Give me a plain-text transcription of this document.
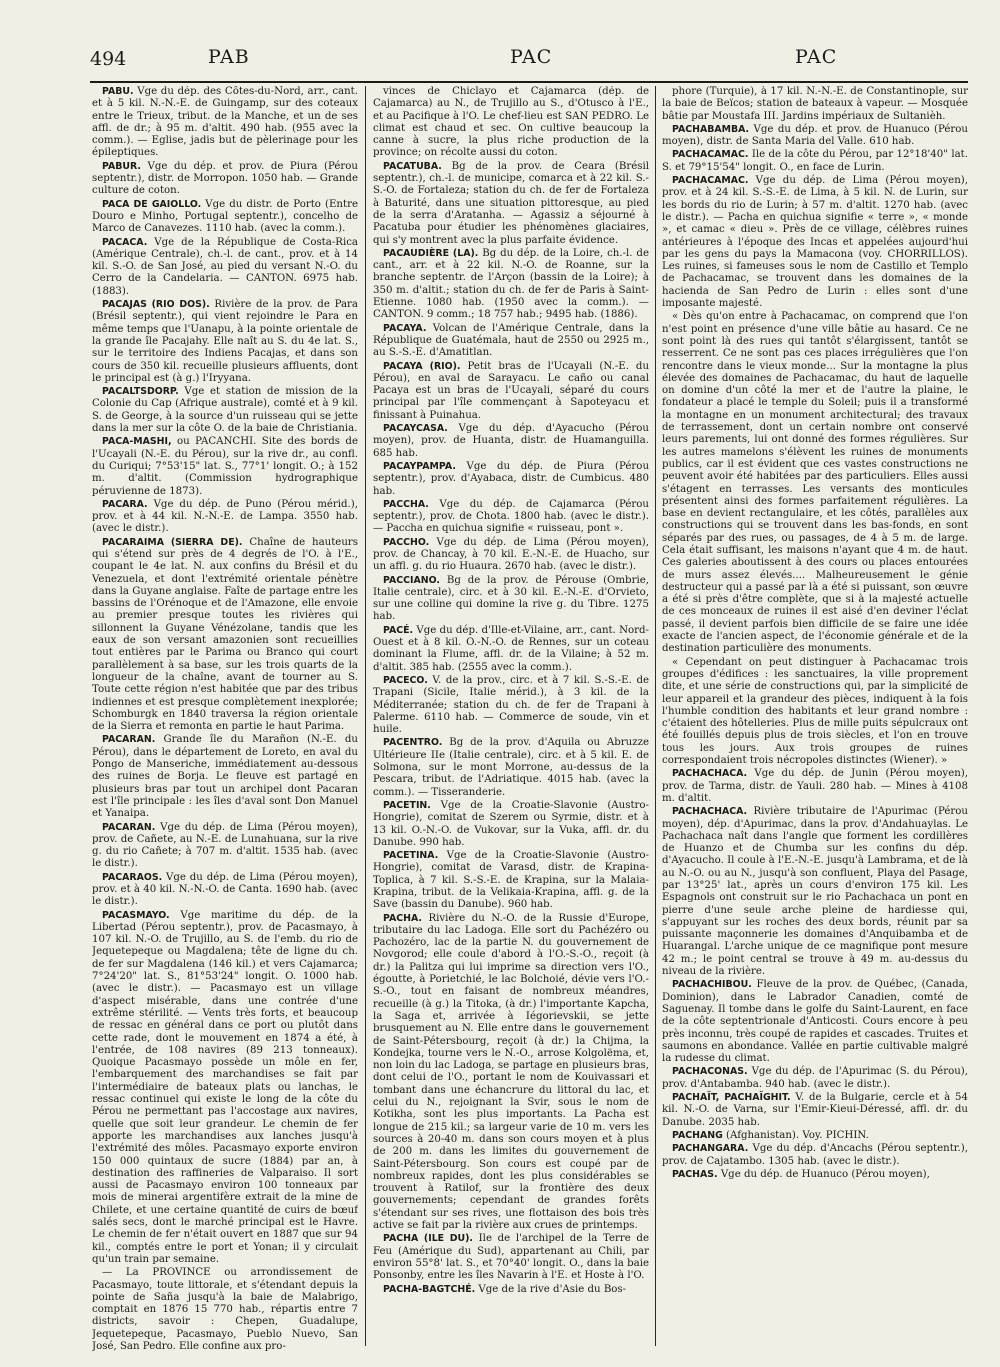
494	PAB	PAC	PAC

PABU. Vge du dép. des Côtes-du-Nord, arr., cant. et à 5 kil. N.-N.-E. de Guingamp, sur des coteaux entre le Trieux, tribut. de la Manche, et un de ses affl. de dr.; à 95 m. d'altit. 490 hab. (955 avec la comm.). — Eglise, jadis but de pèlerinage pour les épileptiques.

PABUR. Vge du dép. et prov. de Piura (Pérou septentr.), distr. de Morropon. 1050 hab. — Grande culture de coton.

PACA DE GAIOLLO. Vge du distr. de Porto (Entre Douro e Minho, Portugal septentr.), concelho de Marco de Canavezes. 1110 hab. (avec la comm.).

PACACA. Vge de la République de Costa-Rica (Amérique Centrale), ch.-l. de cant., prov. et à 14 kil. S.-O. de San José, au pied du versant N.-O. du Cerro de la Candelaria. — CANTON. 6975 hab. (1883).

PACAJAS (RIO DOS). Rivière de la prov. de Para (Brésil septentr.), qui vient rejoindre le Para en même temps que l'Uanapu, à la pointe orientale de la grande île Pacajahy. Elle naît au S. du 4e lat. S., sur le territoire des Indiens Pacajas, et dans son cours de 350 kil. recueille plusieurs affluents, dont le principal est (à g.) l'Iryyana.

PACALTSDORP. Vge et station de mission de la Colonie du Cap (Afrique australe), comté et à 9 kil. S. de George, à la source d'un ruisseau qui se jette dans la mer sur la côte O. de la baie de Christiania.

PACA-MASHI, ou PACANCHI. Site des bords de l'Ucayali (N.-E. du Pérou), sur la rive dr., au confl. du Curiqui; 7°53'15" lat. S., 77°1' longit. O.; à 152 m. d'altit. (Commission hydrographique péruvienne de 1873).

PACARA. Vge du dép. de Puno (Pérou mérid.), prov. et à 44 kil. N.-N.-E. de Lampa. 3550 hab. (avec le distr.).

PACARAIMA (SIERRA DE). Chaîne de hauteurs qui s'étend sur près de 4 degrés de l'O. à l'E., coupant le 4e lat. N. aux confins du Brésil et du Venezuela, et dont l'extrémité orientale pénètre dans la Guyane anglaise. Faîte de partage entre les bassins de l'Orénoque et de l'Amazone, elle envoie au premier presque toutes les rivières qui sillonnent la Guyane Vénézolane, tandis que les eaux de son versant amazonien sont recueillies tout entières par le Parima ou Branco qui court parallèlement à sa base, sur les trois quarts de la longueur de la chaîne, avant de tourner au S. Toute cette région n'est habitée que par des tribus indiennes et est presque complètement inexplorée; Schomburgk en 1840 traversa la région orientale de la Sierra et remonta en partie le haut Parima.

PACARAN. Grande île du Marañon (N.-E. du Pérou), dans le département de Loreto, en aval du Pongo de Manseriche, immédiatement au-dessous des ruines de Borja. Le fleuve est partagé en plusieurs bras par tout un archipel dont Pacaran est l'île principale : les îles d'aval sont Don Manuel et Yanaipa.

PACARAN. Vge du dép. de Lima (Pérou moyen), prov. de Cañete, au N.-E. de Lunahuana, sur la rive g. du rio Cañete; à 707 m. d'altit. 1535 hab. (avec le distr.).

PACARAOS. Vge du dép. de Lima (Pérou moyen), prov. et à 40 kil. N.-N.-O. de Canta. 1690 hab. (avec le distr.).

PACASMAYO. Vge maritime du dép. de la Libertad (Pérou septentr.), prov. de Pacasmayo, à 107 kil. N.-O. de Trujillo, au S. de l'emb. du rio de Jequetepeque ou Magdalena; tête de ligne du ch. de fer sur Magdalena (146 kil.) et vers Cajamarca; 7°24'20" lat. S., 81°53'24" longit. O. 1000 hab. (avec le distr.). — Pacasmayo est un village d'aspect misérable, dans une contrée d'une extrême stérilité. — Vents très forts, et beaucoup de ressac en général dans ce port ou plutôt dans cette rade, dont le mouvement en 1874 a été, à l'entrée, de 108 navires (89 213 tonneaux). Quoique Pacasmayo possède un môle en fer, l'embarquement des marchandises se fait par l'intermédiaire de bateaux plats ou lanchas, le ressac continuel qui existe le long de la côte du Pérou ne permettant pas l'accostage aux navires, quelle que soit leur grandeur. Le chemin de fer apporte les marchandises aux lanches jusqu'à l'extrémité des môles. Pacasmayo exporte environ 150 000 quintaux de sucre (1884) par an, à destination des raffineries de Valparaiso. Il sort aussi de Pacasmayo environ 100 tonneaux par mois de minerai argentifère extrait de la mine de Chilete, et une certaine quantité de cuirs de bœuf salés secs, dont le marché principal est le Havre. Le chemin de fer n'était ouvert en 1887 que sur 94 kil., comptés entre le port et Yonan; il y circulait qu'un train par semaine.

— La PROVINCE ou arrondissement de Pacasmayo, toute littorale, et s'étendant depuis la pointe de Saña jusqu'à la baie de Malabrigo, comptait en 1876 15 770 hab., répartis entre 7 districts, savoir : Chepen, Guadalupe, Jequetepeque, Pacasmayo, Pueblo Nuevo, San José, San Pedro. Elle confine aux pro-

vinces de Chiclayo et Cajamarca (dép. de Cajamarca) au N., de Trujillo au S., d'Otusco à l'E., et au Pacifique à l'O. Le chef-lieu est SAN PEDRO. Le climat est chaud et sec. On cultive beaucoup la canne à sucre, la plus riche production de la province; on récolte aussi du coton.

PACATUBA. Bg de la prov. de Ceara (Brésil septentr.), ch.-l. de municipe, comarca et à 22 kil. S.-S.-O. de Fortaleza; station du ch. de fer de Fortaleza à Baturité, dans une situation pittoresque, au pied de la serra d'Aratanha. — Agassiz a séjourné à Pacatuba pour étudier les phénomènes glaciaires, qui s'y montrent avec la plus parfaite évidence.

PACAUDIÈRE (LA). Bg du dép. de la Loire, ch.-l. de cant., arr. et à 22 kil. N.-O. de Roanne, sur la branche septentr. de l'Arçon (bassin de la Loire); à 350 m. d'altit.; station du ch. de fer de Paris à Saint-Etienne. 1080 hab. (1950 avec la comm.). — CANTON. 9 comm.; 18 757 hab.; 9495 hab. (1886).

PACAYA. Volcan de l'Amérique Centrale, dans la République de Guatémala, haut de 2550 ou 2925 m., au S.-S.-E. d'Amatitlan.

PACAYA (RIO). Petit bras de l'Ucayali (N.-E. du Pérou), en aval de Sarayacu. Le caño ou canal Pacaya est un bras de l'Ucayali, séparé du cours principal par l'île commençant à Sapoteyacu et finissant à Puinahua.

PACAYCASA. Vge du dép. d'Ayacucho (Pérou moyen), prov. de Huanta, distr. de Huamanguilla. 685 hab.

PACAYPAMPA. Vge du dép. de Piura (Pérou septentr.), prov. d'Ayabaca, distr. de Cumbicus. 480 hab.

PACCHA. Vge du dép. de Cajamarca (Pérou septentr.), prov. de Chota. 1800 hab. (avec le distr.). — Paccha en quichua signifie « ruisseau, pont ».

PACCHO. Vge du dép. de Lima (Pérou moyen), prov. de Chancay, à 70 kil. E.-N.-E. de Huacho, sur un affl. g. du rio Huaura. 2670 hab. (avec le distr.).

PACCIANO. Bg de la prov. de Pérouse (Ombrie, Italie centrale), circ. et à 30 kil. E.-N.-E. d'Orvieto, sur une colline qui domine la rive g. du Tibre. 1275 hab.

PACÉ. Vge du dép. d'Ille-et-Vilaine, arr., cant. Nord-Ouest et à 8 kil. O.-N.-O. de Rennes, sur un coteau dominant la Flume, affl. dr. de la Vilaine; à 52 m. d'altit. 385 hab. (2555 avec la comm.).

PACECO. V. de la prov., circ. et à 7 kil. S.-S.-E. de Trapani (Sicile, Italie mérid.), à 3 kil. de la Méditerranée; station du ch. de fer de Trapani à Palerme. 6110 hab. — Commerce de soude, vin et huile.

PACENTRO. Bg de la prov. d'Aquila ou Abruzze Ultérieure IIe (Italie centrale), circ. et à 5 kil. E. de Solmona, sur le mont Morrone, au-dessus de la Pescara, tribut. de l'Adriatique. 4015 hab. (avec la comm.). — Tisseranderie.

PACETIN. Vge de la Croatie-Slavonie (Austro-Hongrie), comitat de Szerem ou Syrmie, distr. et à 13 kil. O.-N.-O. de Vukovar, sur la Vuka, affl. dr. du Danube. 990 hab.

PACETINA. Vge de la Croatie-Slavonie (Austro-Hongrie), comitat de Varasd, distr. de Krapina-Toplica, à 7 kil. S.-S.-E. de Krapina, sur la Malaia-Krapina, tribut. de la Velikaia-Krapina, affl. g. de la Save (bassin du Danube). 960 hab.

PACHA. Rivière du N.-O. de la Russie d'Europe, tributaire du lac Ladoga. Elle sort du Pachézéro ou Pachozéro, lac de la partie N. du gouvernement de Novgorod; elle coule d'abord à l'O.-S.-O., reçoit (à dr.) la Palitza qui lui imprime sa direction vers l'O., égoutte, à Porietchié, le lac Bolchoié, dévie vers l'O.-S.-O., tout en faisant de nombreux méandres, recueille (à g.) la Titoka, (à dr.) l'importante Kapcha, la Saga et, arrivée à Iégorievskii, se jette brusquement au N. Elle entre dans le gouvernement de Saint-Pétersbourg, reçoit (à dr.) la Chijma, la Kondejka, tourne vers le N.-O., arrose Kolgolëma, et, non loin du lac Ladoga, se partage en plusieurs bras, dont celui de l'O., portant le nom de Kouivassari et tombant dans une échancrure du littoral du lac, et celui du N., rejoignant la Svir, sous le nom de Kotikha, sont les plus importants. La Pacha est longue de 215 kil.; sa largeur varie de 10 m. vers les sources à 20-40 m. dans son cours moyen et à plus de 200 m. dans les limites du gouvernement de Saint-Pétersbourg. Son cours est coupé par de nombreux rapides, dont les plus considérables se trouvent à Ratilof, sur la frontière des deux gouvernements; cependant de grandes forêts s'étendant sur ses rives, une flottaison des bois très active se fait par la rivière aux crues de printemps.

PACHA (ILE DU). Ile de l'archipel de la Terre de Feu (Amérique du Sud), appartenant au Chili, par environ 55°8' lat. S., et 70°40' longit. O., dans la baie Ponsonby, entre les îles Navarin à l'E. et Hoste à l'O.

PACHA-BAGTCHÉ. Vge de la rive d'Asie du Bos-

phore (Turquie), à 17 kil. N.-N.-E. de Constantinople, sur la baie de Beïcos; station de bateaux à vapeur. — Mosquée bâtie par Moustafa III. Jardins impériaux de Sultanièh.

PACHABAMBA. Vge du dép. et prov. de Huanuco (Pérou moyen), distr. de Santa Maria del Valle. 610 hab.

PACHACAMAC. Ile de la côte du Pérou, par 12°18'40" lat. S. et 79°15'54" longit. O., en face de Lurin.

PACHACAMAC. Vge du dép. de Lima (Pérou moyen), prov. et à 24 kil. S.-S.-E. de Lima, à 5 kil. N. de Lurin, sur les bords du rio de Lurin; à 57 m. d'altit. 1270 hab. (avec le distr.). — Pacha en quichua signifie « terre », « monde », et camac « dieu ». Près de ce village, célèbres ruines antérieures à l'époque des Incas et appelées aujourd'hui par les gens du pays la Mamacona (voy. CHORRILLOS). Les ruines, si fameuses sous le nom de Castillo et Templo de Pachacamac, se trouvent dans les domaines de la hacienda de San Pedro de Lurin : elles sont d'une imposante majesté.

« Dès qu'on entre à Pachacamac, on comprend que l'on n'est point en présence d'une ville bâtie au hasard. Ce ne sont point là des rues qui tantôt s'élargissent, tantôt se resserrent. Ce ne sont pas ces places irrégulières que l'on rencontre dans le vieux monde... Sur la montagne la plus élevée des domaines de Pachacamac, du haut de laquelle on domine d'un côté la mer et de l'autre la plaine, le fondateur a placé le temple du Soleil; puis il a transformé la montagne en un monument architectural; des travaux de terrassement, dont un certain nombre ont conservé leurs parements, lui ont donné des formes régulières. Sur les autres mamelons s'élèvent les ruines de monuments publics, car il est évident que ces vastes constructions ne peuvent avoir été habitées par des particuliers. Elles aussi s'étagent en terrasses. Les versants des monticules présentent ainsi des formes parfaitement régulières. La base en devient rectangulaire, et les côtés, parallèles aux constructions qui se trouvent dans les bas-fonds, en sont séparés par des rues, ou passages, de 4 à 5 m. de large. Cela était suffisant, les maisons n'ayant que 4 m. de haut. Ces galeries aboutissent à des cours ou places entourées de murs assez élevés.... Malheureusement le génie destructeur qui a passé par là a été si puissant, son œuvre a été si près d'être complète, que si à la majesté actuelle de ces monceaux de ruines il est aisé d'en deviner l'éclat passé, il devient parfois bien difficile de se faire une idée exacte de l'ancien aspect, de l'économie générale et de la destination particulière des monuments.

« Cependant on peut distinguer à Pachacamac trois groupes d'édifices : les sanctuaires, la ville proprement dite, et une série de constructions qui, par la simplicité de leur appareil et la grandeur des pièces, indiquent à la fois l'humble condition des habitants et leur grand nombre : c'étaient des hôtelleries. Plus de mille puits sépulcraux ont été fouillés depuis plus de trois siècles, et l'on en trouve tous les jours. Aux trois groupes de ruines correspondaient trois nécropoles distinctes (Wiener). »

PACHACHACA. Vge du dép. de Junin (Pérou moyen), prov. de Tarma, distr. de Yauli. 280 hab. — Mines à 4108 m. d'altit.

PACHACHACA. Rivière tributaire de l'Apurimac (Pérou moyen), dép. d'Apurimac, dans la prov. d'Andahuaylas. Le Pachachaca naît dans l'angle que forment les cordillères de Huanzo et de Chumba sur les confins du dép. d'Ayacucho. Il coule à l'E.-N.-E. jusqu'à Lambrama, et de là au N.-O. ou au N., jusqu'à son confluent, Playa del Pasage, par 13°25' lat., après un cours d'environ 175 kil. Les Espagnols ont construit sur le rio Pachachaca un pont en pierre d'une seule arche pleine de hardiesse qui, s'appuyant sur les roches des deux bords, réunit par sa puissante maçonnerie les domaines d'Anquibamba et de Huarangal. L'arche unique de ce magnifique pont mesure 42 m.; le point central se trouve à 49 m. au-dessus du niveau de la rivière.

PACHACHIBOU. Fleuve de la prov. de Québec, (Canada, Dominion), dans le Labrador Canadien, comté de Saguenay. Il tombe dans le golfe du Saint-Laurent, en face de la côte septentrionale d'Anticosti. Cours encore à peu près inconnu, très coupé de rapides et cascades. Truites et saumons en abondance. Vallée en partie cultivable malgré la rudesse du climat.

PACHACONAS. Vge du dép. de l'Apurimac (S. du Pérou), prov. d'Antabamba. 940 hab. (avec le distr.).

PACHAÏT, PACHAÏGHIT. V. de la Bulgarie, cercle et à 54 kil. N.-O. de Varna, sur l'Emir-Kieui-Déressé, affl. dr. du Danube. 2035 hab.

PACHANG (Afghanistan). Voy. PICHIN.

PACHANGARA. Vge du dép. d'Ancachs (Pérou septentr.), prov. de Cajatambo. 1305 hab. (avec le distr.).

PACHAS. Vge du dép. de Huanuco (Pérou moyen),
